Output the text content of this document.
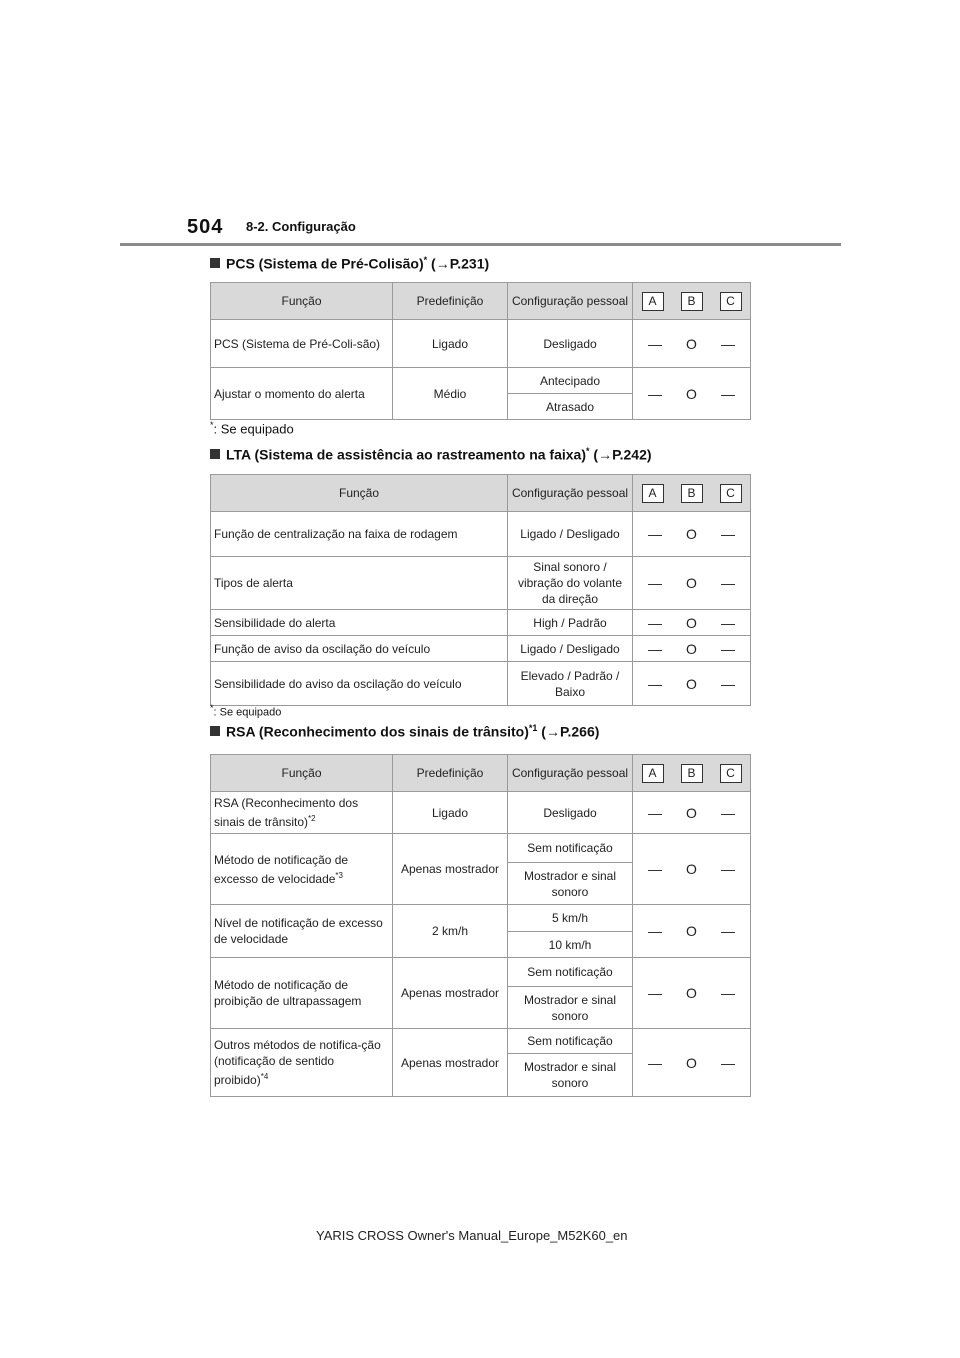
504 8-2. Configuração
PCS (Sistema de Pré-Colisão)* (→P.231)
Função	Predefinição	Configuração pessoal	A B C

PCS (Sistema de Pré-Coli-são)	Ligado	Desligado	— O —

Ajustar o momento do alerta	Médio	Antecipado	— O —

		Atrasado	
*: Se equipado
LTA (Sistema de assistência ao rastreamento na faixa)* (→P.242)
Função	Configuração pessoal	A B C

Função de centralização na faixa de rodagem	Ligado / Desligado	— O —

Tipos de alerta	Sinal sonoro / vibração do volante da direção	— O —

Sensibilidade do alerta	High / Padrão	— O —

Função de aviso da oscilação do veículo	Ligado / Desligado	— O —

Sensibilidade do aviso da oscilação do veículo	Elevado / Padrão / Baixo	— O —
*: Se equipado
RSA (Reconhecimento dos sinais de trânsito)$^{*1}$ (→P.266)
Função	Predefinição	Configuração pessoal	A B C

RSA (Reconhecimento dos sinais de trânsito)$^{*2}$	Ligado	Desligado	— O —

Método de notificação de excesso de velocidade$^{*3}$	Apenas mostrador	Sem notificação	— O —

		Mostrador e sinal sonoro	
Nível de notificação de excesso de velocidade	2 km/h	5 km/h	— O —

		10 km/h	
Método de notificação de proibição de ultrapassagem	Apenas mostrador	Sem notificação	— O —

		Mostrador e sinal sonoro	
Outros métodos de notifica-ção (notificação de sentido proibido)$^{*4}$	Apenas mostrador	Sem notificação	— O —

		Mostrador e sinal sonoro	
YARIS CROSS Owner's Manual_Europe_M52K60_en
